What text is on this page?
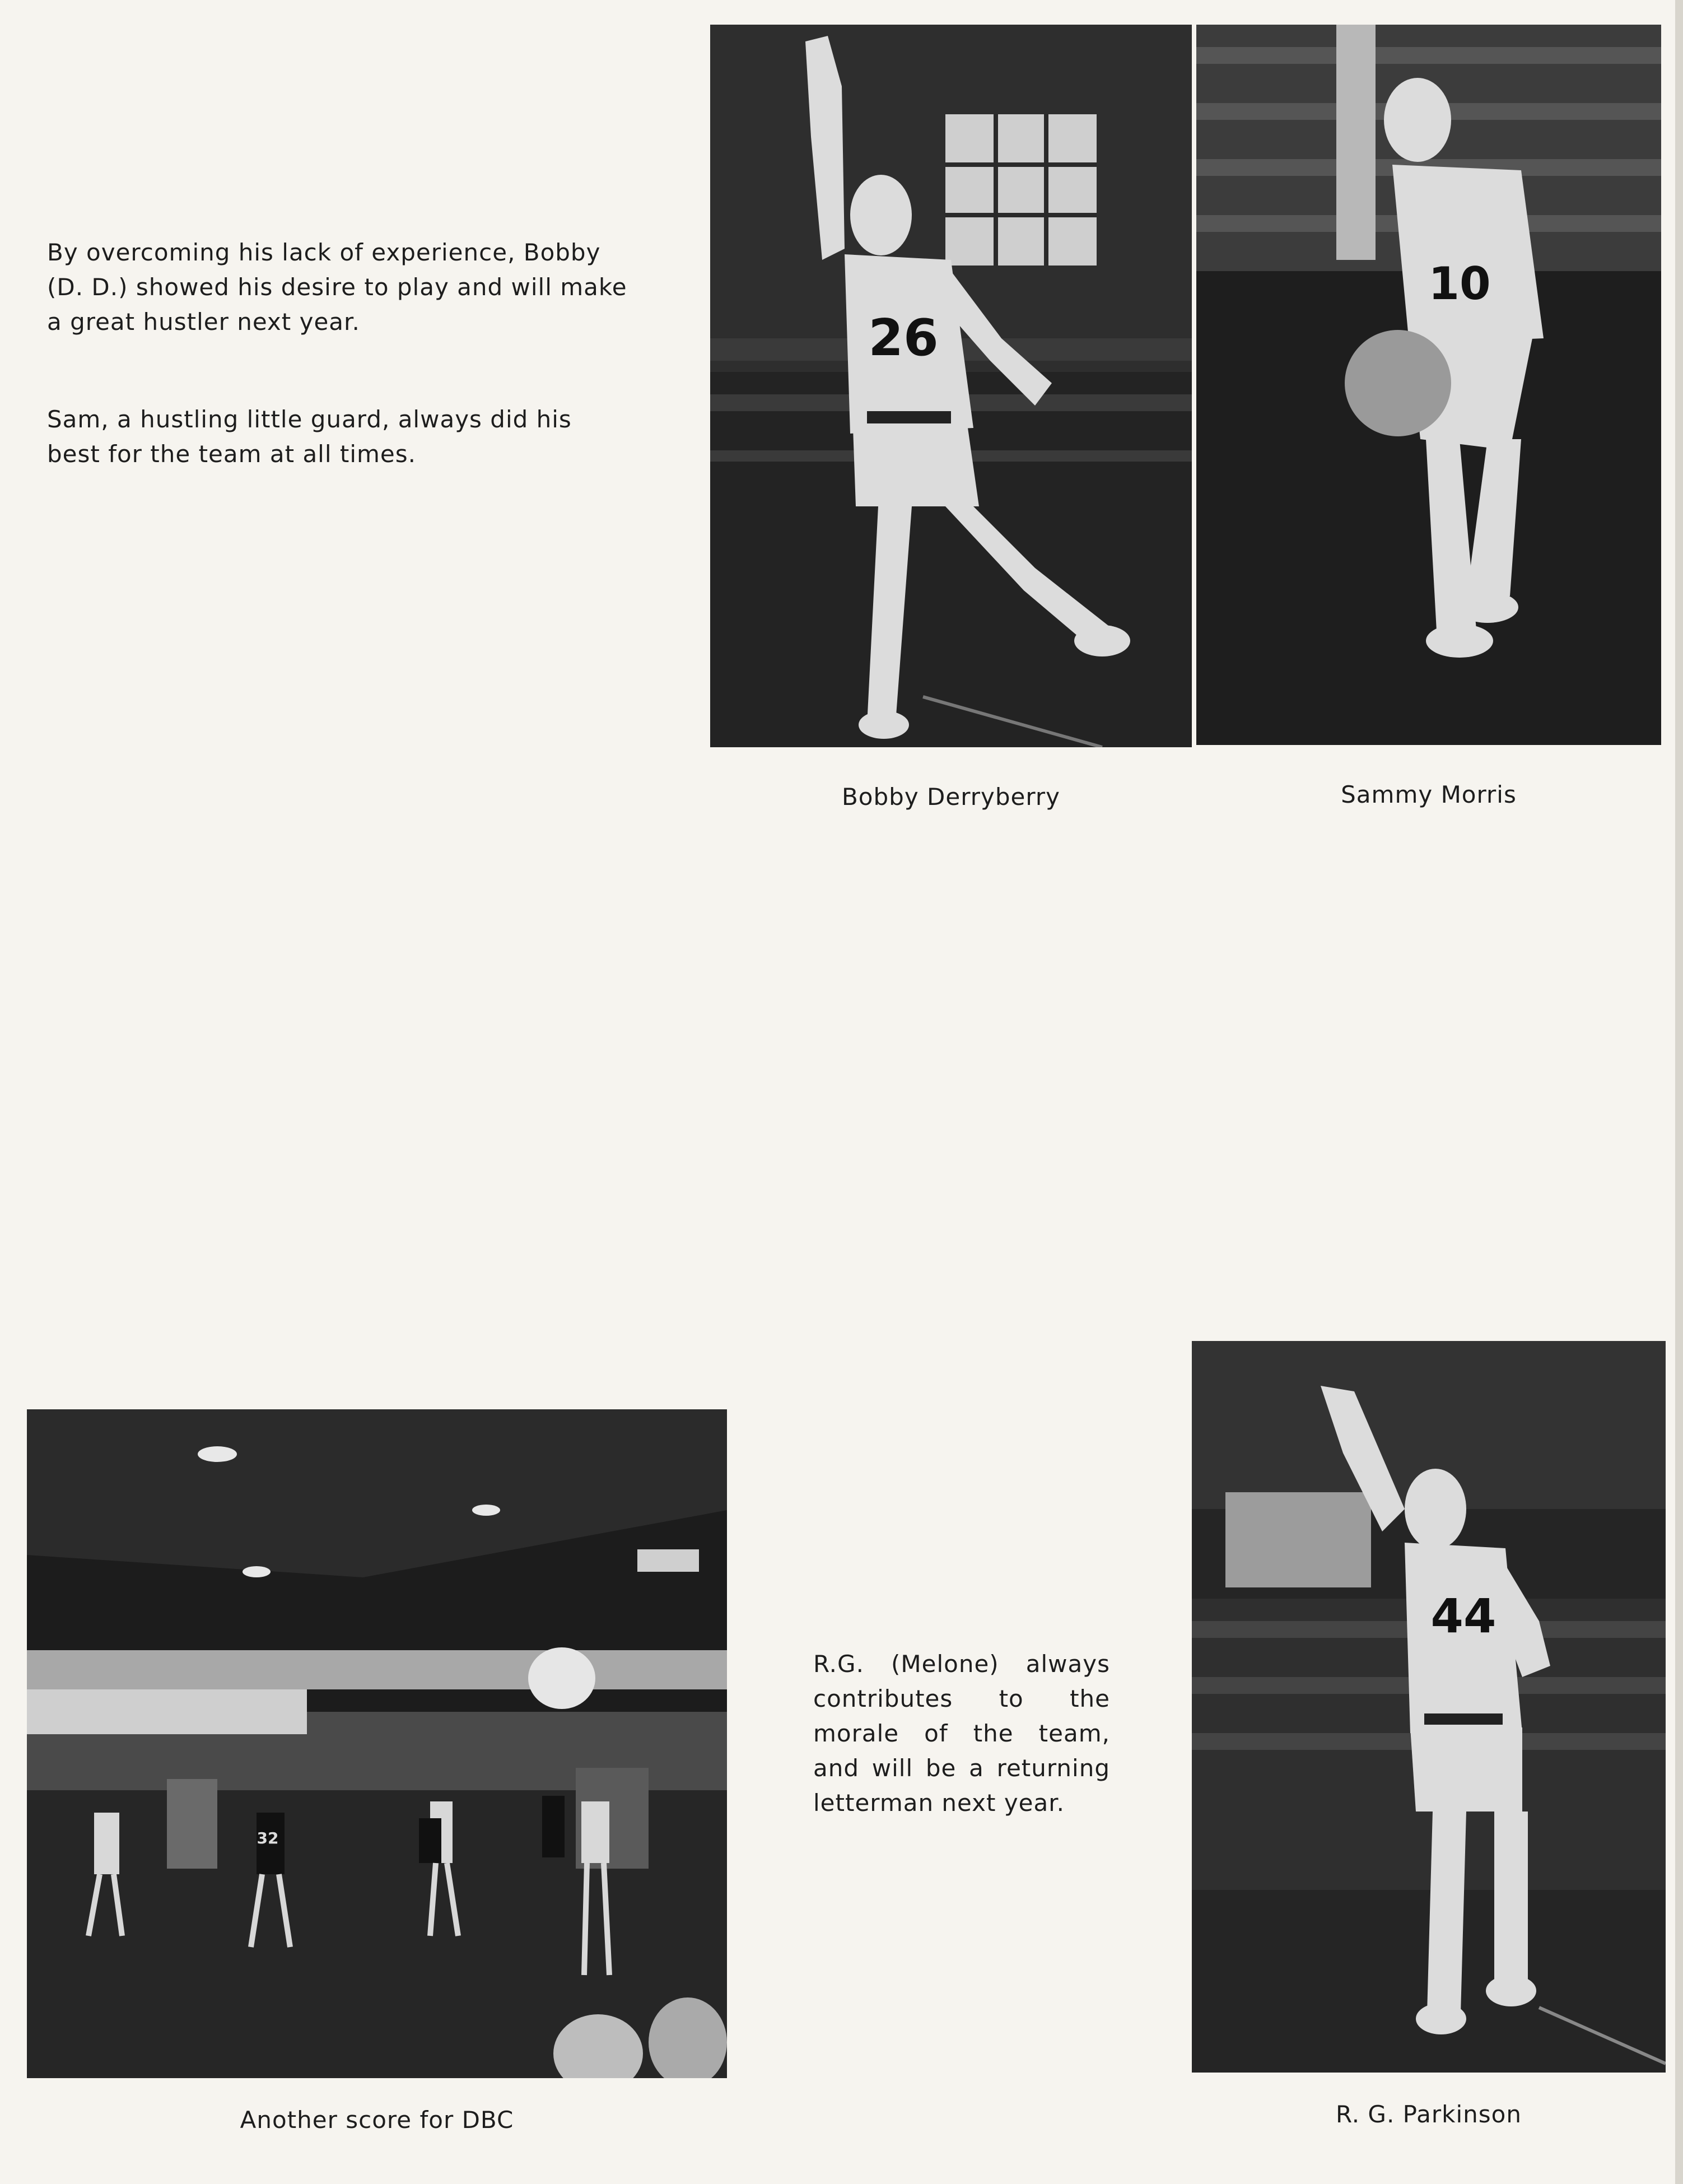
By overcoming his lack of experience, Bobby (D. D.) showed his desire to play and will make a great hustler next year.

Sam, a hustling little guard, always did his best for the team at all times.

26
Bobby Derryberry
10
Sammy Morris
32
Another score for DBC

R.G. (Melone) always contributes to the morale of the team, and will be a returning letterman next year.

44
R. G. Parkinson
